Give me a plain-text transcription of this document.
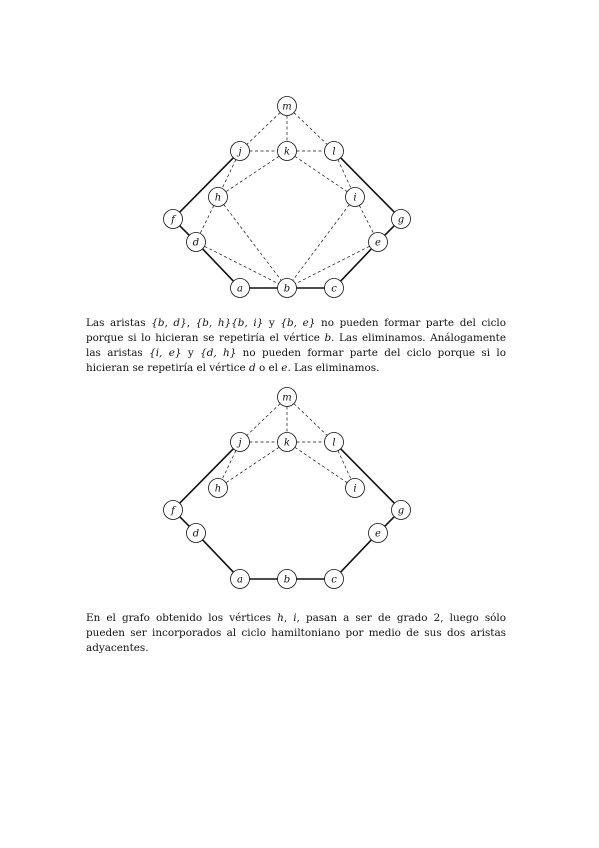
m
j	k	l
h	i
f	g
d	e
a	b	c

Las aristas {b, d}, {b, h}{b, i} y {b, e} no pueden formar parte del ciclo porque si lo hicieran se repetiría el vértice b. Las eliminamos. Análogamente las aristas {i, e} y {d, h} no pueden formar parte del ciclo porque si lo hicieran se repetiría el vértice d o el e. Las eliminamos.

m
j	k	l
h	i
f	g
d	e
a	b	c

En el grafo obtenido los vértices h, i, pasan a ser de grado 2, luego sólo pueden ser incorporados al ciclo hamiltoniano por medio de sus dos aristas adyacentes.
